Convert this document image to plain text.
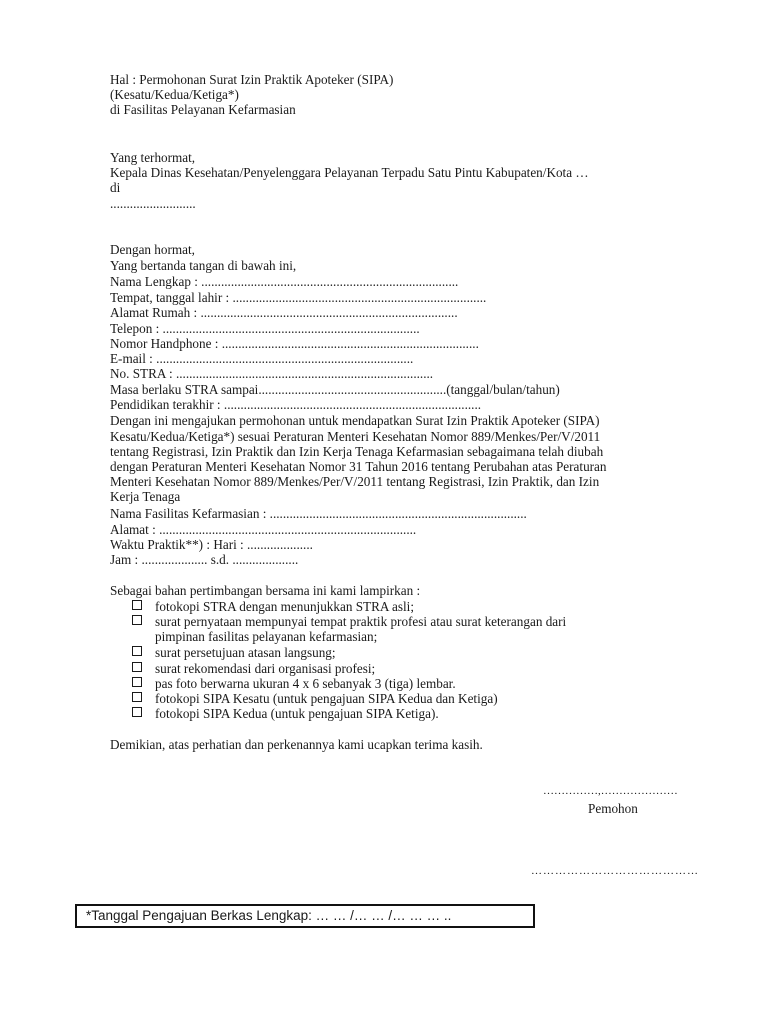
Hal : Permohonan Surat Izin Praktik Apoteker (SIPA)
(Kesatu/Kedua/Ketiga*)
di Fasilitas Pelayanan Kefarmasian
Yang terhormat,
Kepala Dinas Kesehatan/Penyelenggara Pelayanan Terpadu Satu Pintu Kabupaten/Kota …
di
..........................
Dengan hormat,
Yang bertanda tangan di bawah ini,
Nama Lengkap : ..............................................................................
Tempat, tanggal lahir : .............................................................................
Alamat Rumah : ..............................................................................
Telepon : ..............................................................................
Nomor Handphone : ..............................................................................
E-mail : ..............................................................................
No. STRA : ..............................................................................
Masa berlaku STRA sampai.........................................................(tanggal/bulan/tahun)
Pendidikan terakhir : ..............................................................................
Dengan ini mengajukan permohonan untuk mendapatkan Surat Izin Praktik Apoteker (SIPA)
Kesatu/Kedua/Ketiga*) sesuai Peraturan Menteri Kesehatan Nomor 889/Menkes/Per/V/2011
tentang Registrasi, Izin Praktik dan Izin Kerja Tenaga Kefarmasian sebagaimana telah diubah
dengan Peraturan Menteri Kesehatan Nomor 31 Tahun 2016 tentang Perubahan atas Peraturan
Menteri Kesehatan Nomor 889/Menkes/Per/V/2011 tentang Registrasi, Izin Praktik, dan Izin
Kerja Tenaga
Nama Fasilitas Kefarmasian : ..............................................................................
Alamat : ..............................................................................
Waktu Praktik**) : Hari : ....................
Jam : .................... s.d. ....................
Sebagai bahan pertimbangan bersama ini kami lampirkan :
fotokopi STRA dengan menunjukkan STRA asli;
surat pernyataan mempunyai tempat praktik profesi atau surat keterangan dari
pimpinan fasilitas pelayanan kefarmasian;
surat persetujuan atasan langsung;
surat rekomendasi dari organisasi profesi;
pas foto berwarna ukuran 4 x 6 sebanyak 3 (tiga) lembar.
fotokopi SIPA Kesatu (untuk pengajuan SIPA Kedua dan Ketiga)
fotokopi SIPA Kedua (untuk pengajuan SIPA Ketiga).
Demikian, atas perhatian dan perkenannya kami ucapkan terima kasih.
……………,…………………
Pemohon
……………………………………
*Tanggal Pengajuan Berkas Lengkap: … … /… … /… … … ..
